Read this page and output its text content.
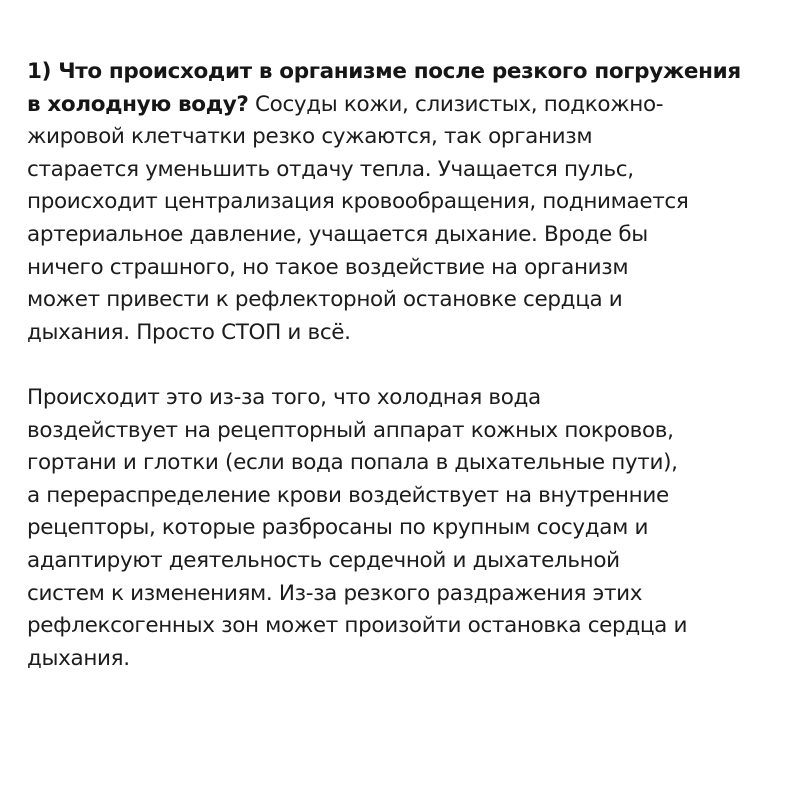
1) Что происходит в организме после резкого погружения
в холодную воду? Сосуды кожи, слизистых, подкожно-
жировой клетчатки резко сужаются, так организм
старается уменьшить отдачу тепла. Учащается пульс,
происходит централизация кровообращения, поднимается
артериальное давление, учащается дыхание. Вроде бы
ничего страшного, но такое воздействие на организм
может привести к рефлекторной остановке сердца и
дыхания. Просто СТОП и всё.

Происходит это из-за того, что холодная вода
воздействует на рецепторный аппарат кожных покровов,
гортани и глотки (если вода попала в дыхательные пути),
а перераспределение крови воздействует на внутренние
рецепторы, которые разбросаны по крупным сосудам и
адаптируют деятельность сердечной и дыхательной
систем к изменениям. Из-за резкого раздражения этих
рефлексогенных зон может произойти остановка сердца и
дыхания.
